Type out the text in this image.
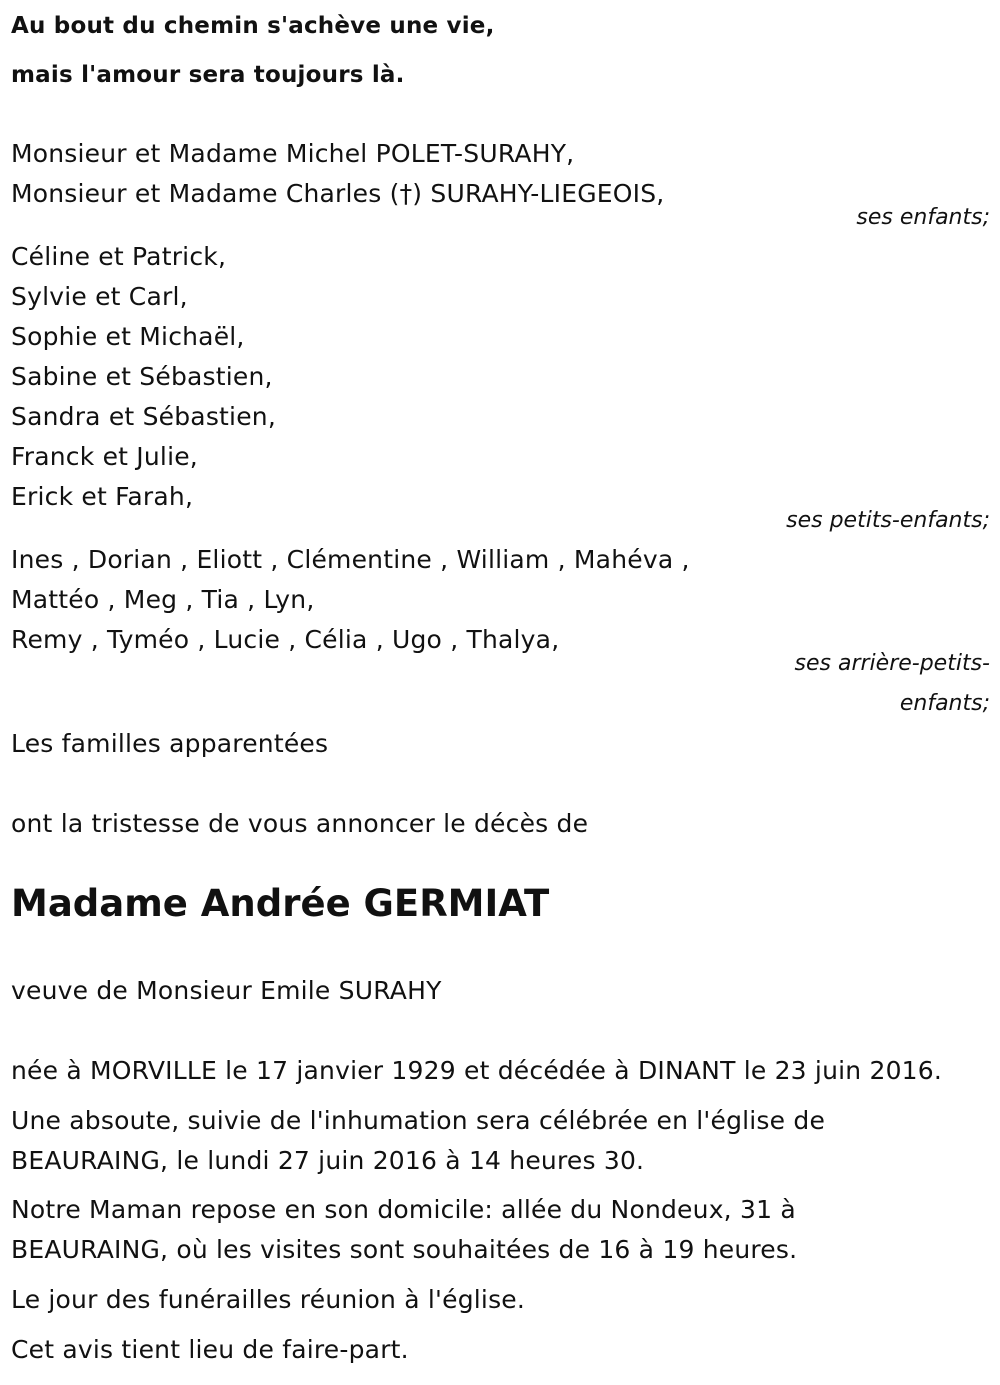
Au bout du chemin s'achève une vie,
mais l'amour sera toujours là.
Monsieur et Madame Michel POLET-SURAHY,
Monsieur et Madame Charles (†) SURAHY-LIEGEOIS,
ses enfants;
Céline et Patrick,
Sylvie et Carl,
Sophie et Michaël,
Sabine et Sébastien,
Sandra et Sébastien,
Franck et Julie,
Erick et Farah,
ses petits-enfants;
Ines , Dorian , Eliott , Clémentine , William , Mahéva ,
Mattéo , Meg , Tia , Lyn,
Remy , Tyméo , Lucie , Célia , Ugo , Thalya,
ses arrière-petits-
enfants;
Les familles apparentées
ont la tristesse de vous annoncer le décès de
Madame Andrée GERMIAT
veuve de Monsieur Emile SURAHY
née à MORVILLE le 17 janvier 1929 et décédée à DINANT le 23 juin 2016.
Une absoute, suivie de l'inhumation sera célébrée en l'église de
BEAURAING, le lundi 27 juin 2016 à 14 heures 30.
Notre Maman repose en son domicile: allée du Nondeux, 31 à
BEAURAING, où les visites sont souhaitées de 16 à 19 heures.
Le jour des funérailles réunion à l'église.
Cet avis tient lieu de faire-part.
